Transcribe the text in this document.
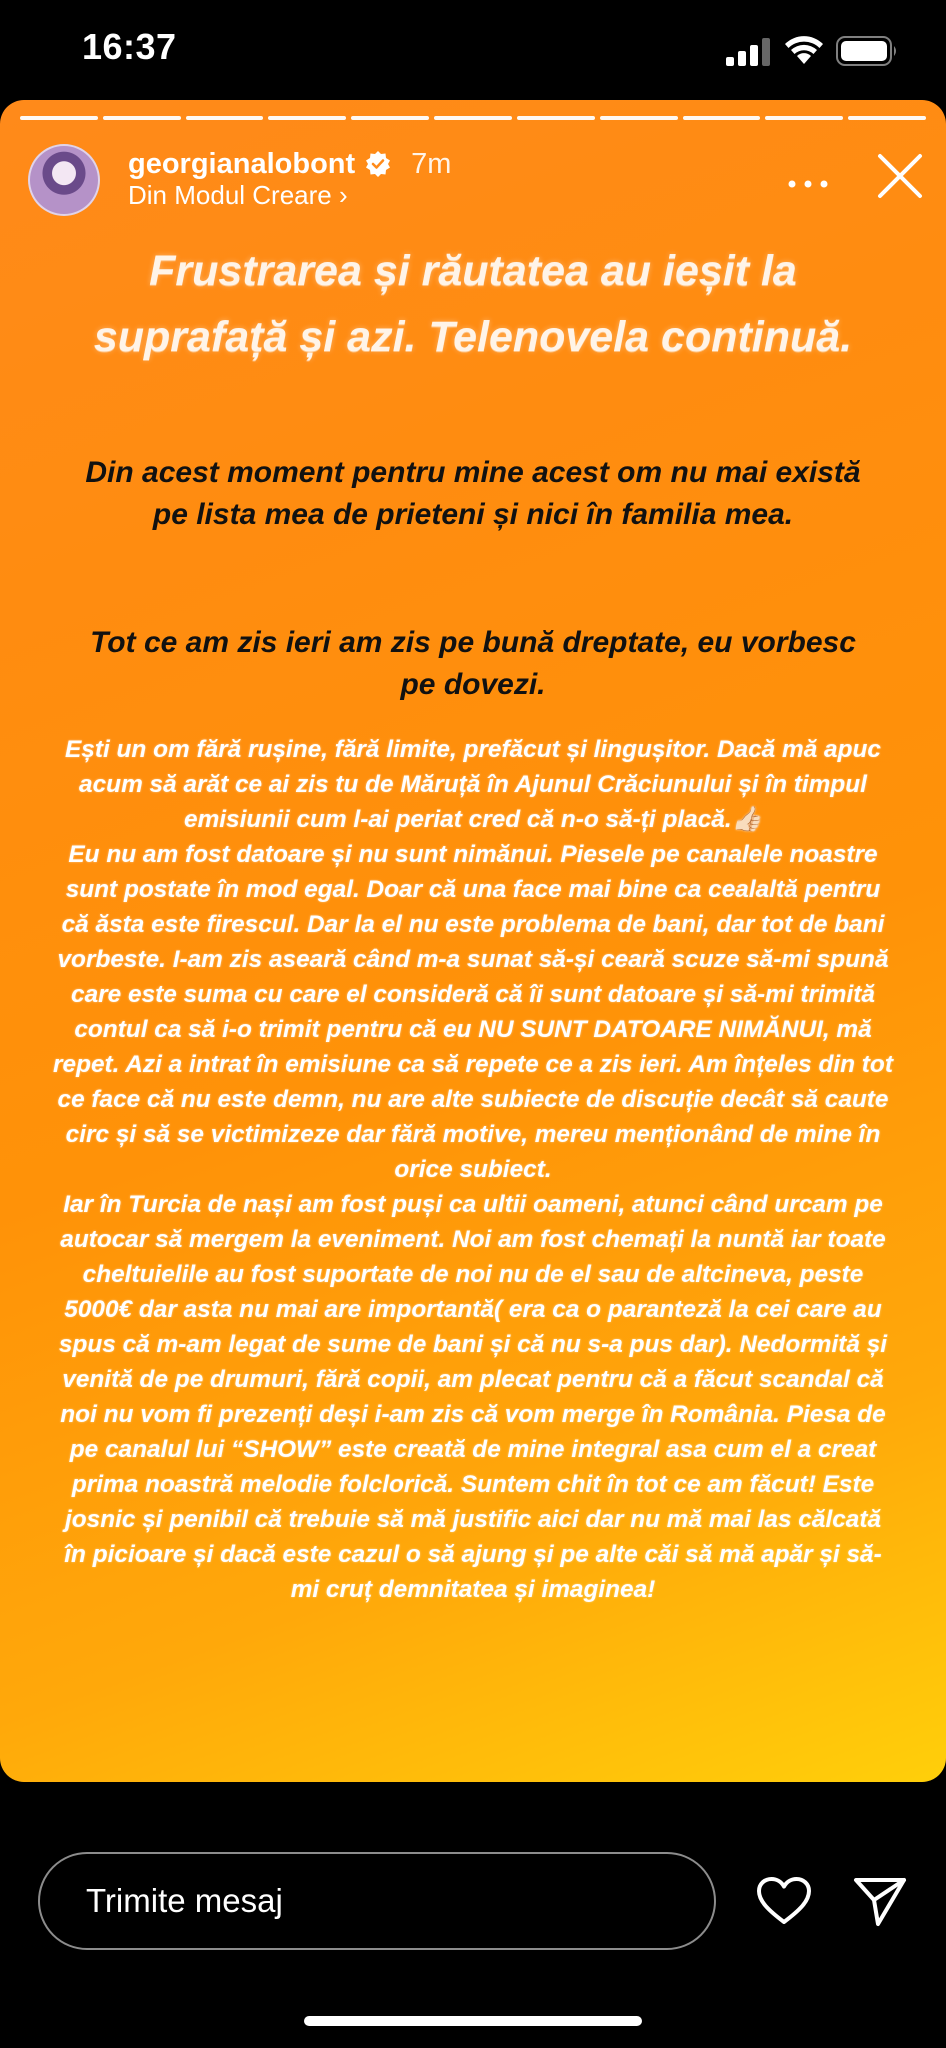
16:37
georgianalobont 7m
Din Modul Creare ›
Frustrarea și răutatea au ieșit la suprafață și azi. Telenovela continuă.

Din acest moment pentru mine acest om nu mai există pe lista mea de prieteni și nici în familia mea.

Tot ce am zis ieri am zis pe bună dreptate, eu vorbesc pe dovezi.

Ești un om fără rușine, fără limite, prefăcut și lingușitor. Dacă mă apuc acum să arăt ce ai zis tu de Măruță în Ajunul Crăciunului și în timpul emisiunii cum l-ai periat cred că n-o să-ți placă.👍🏻

Eu nu am fost datoare și nu sunt nimănui. Piesele pe canalele noastre sunt postate în mod egal. Doar că una face mai bine ca cealaltă pentru că ăsta este firescul. Dar la el nu este problema de bani, dar tot de bani vorbeste. I-am zis aseară când m-a sunat să-și ceară scuze să-mi spună care este suma cu care el consideră că îi sunt datoare și să-mi trimită contul ca să i-o trimit pentru că eu NU SUNT DATOARE NIMĂNUI, mă repet. Azi a intrat în emisiune ca să repete ce a zis ieri. Am înțeles din tot ce face că nu este demn, nu are alte subiecte de discuție decât să caute circ și să se victimizeze dar fără motive, mereu menționând de mine în orice subiect.

Iar în Turcia de nași am fost puși ca ultii oameni, atunci când urcam pe autocar să mergem la eveniment. Noi am fost chemați la nuntă iar toate cheltuielile au fost suportate de noi nu de el sau de altcineva, peste 5000€ dar asta nu mai are importantă( era ca o paranteză la cei care au spus că m-am legat de sume de bani și că nu s-a pus dar). Nedormită și venită de pe drumuri, fără copii, am plecat pentru că a făcut scandal că noi nu vom fi prezenți deși i-am zis că vom merge în România. Piesa de pe canalul lui “SHOW” este creată de mine integral asa cum el a creat prima noastră melodie folclorică. Suntem chit în tot ce am făcut! Este josnic și penibil că trebuie să mă justific aici dar nu mă mai las călcată în picioare și dacă este cazul o să ajung și pe alte căi să mă apăr și să-mi cruț demnitatea și imaginea!

Trimite mesaj
